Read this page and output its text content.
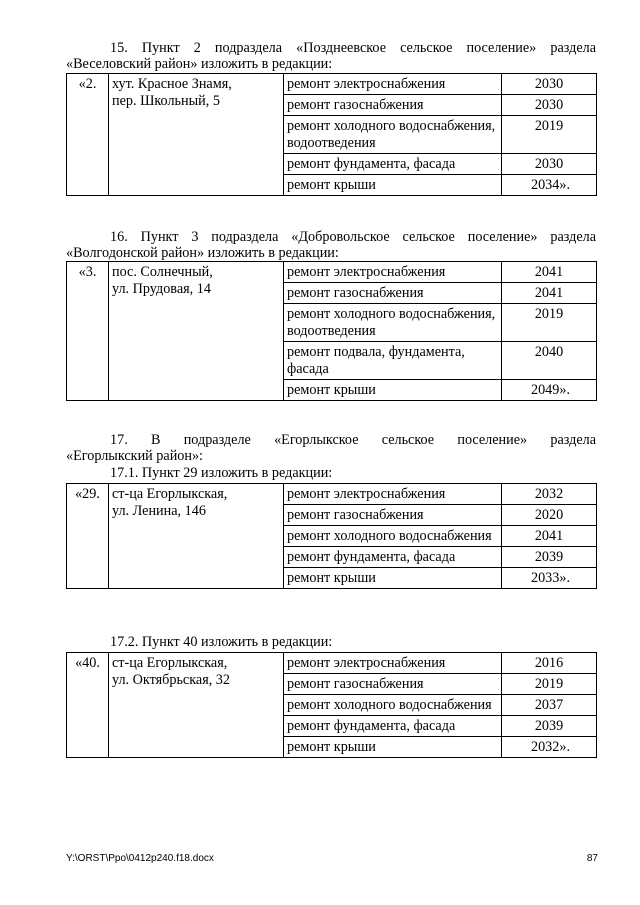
15. Пункт 2 подраздела «Позднеевское сельское поселение» раздела
«Веселовский район» изложить в редакции:
«2.	хут. Красное Знамя,
пер. Школьный, 5	ремонт электроснабжения	2030
		ремонт газоснабжения	2030
		ремонт холодного водоснабжения, водоотведения	2019
		ремонт фундамента, фасада	2030
		ремонт крыши	2034».
16. Пункт 3 подраздела «Добровольское сельское поселение» раздела
«Волгодонской район» изложить в редакции:
«3.	пос. Солнечный,
ул. Прудовая, 14	ремонт электроснабжения	2041
		ремонт газоснабжения	2041
		ремонт холодного водоснабжения, водоотведения	2019
		ремонт подвала, фундамента, фасада	2040
		ремонт крыши	2049».
17. В подразделе «Егорлыкское сельское поселение» раздела
«Егорлыкский район»:
17.1. Пункт 29 изложить в редакции:
«29.	ст-ца Егорлыкская,
ул. Ленина, 146	ремонт электроснабжения	2032
		ремонт газоснабжения	2020
		ремонт холодного водоснабжения	2041
		ремонт фундамента, фасада	2039
		ремонт крыши	2033».
17.2. Пункт 40 изложить в редакции:
«40.	ст-ца Егорлыкская,
ул. Октябрьская, 32	ремонт электроснабжения	2016
		ремонт газоснабжения	2019
		ремонт холодного водоснабжения	2037
		ремонт фундамента, фасада	2039
		ремонт крыши	2032».
Y:\ORST\Ppo\0412p240.f18.docx	87
